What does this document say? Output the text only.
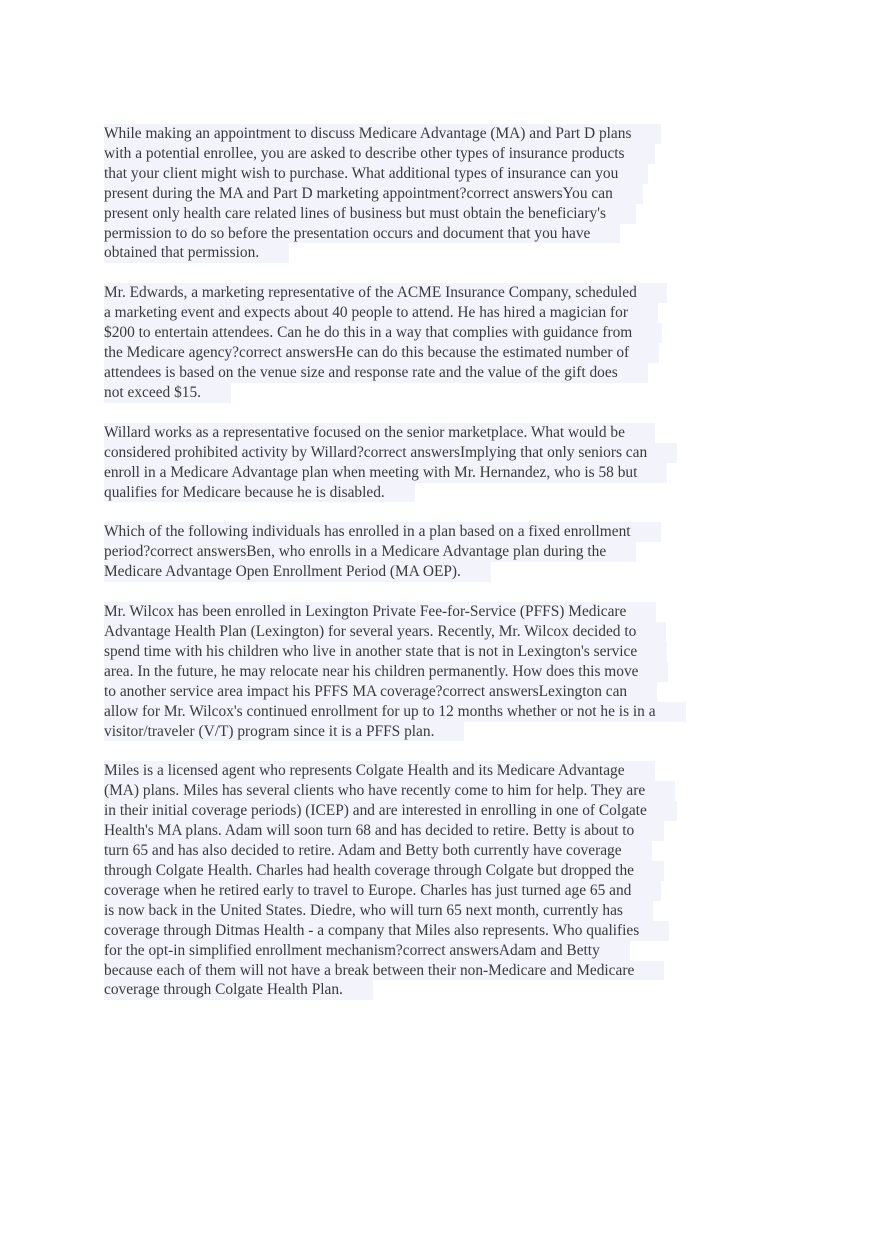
While making an appointment to discuss Medicare Advantage (MA) and Part D plans
with a potential enrollee, you are asked to describe other types of insurance products
that your client might wish to purchase. What additional types of insurance can you
present during the MA and Part D marketing appointment?correct answersYou can
present only health care related lines of business but must obtain the beneficiary's
permission to do so before the presentation occurs and document that you have
obtained that permission.
Mr. Edwards, a marketing representative of the ACME Insurance Company, scheduled
a marketing event and expects about 40 people to attend. He has hired a magician for
$200 to entertain attendees. Can he do this in a way that complies with guidance from
the Medicare agency?correct answersHe can do this because the estimated number of
attendees is based on the venue size and response rate and the value of the gift does
not exceed $15.
Willard works as a representative focused on the senior marketplace. What would be
considered prohibited activity by Willard?correct answersImplying that only seniors can
enroll in a Medicare Advantage plan when meeting with Mr. Hernandez, who is 58 but
qualifies for Medicare because he is disabled.
Which of the following individuals has enrolled in a plan based on a fixed enrollment
period?correct answersBen, who enrolls in a Medicare Advantage plan during the
Medicare Advantage Open Enrollment Period (MA OEP).
Mr. Wilcox has been enrolled in Lexington Private Fee-for-Service (PFFS) Medicare
Advantage Health Plan (Lexington) for several years. Recently, Mr. Wilcox decided to
spend time with his children who live in another state that is not in Lexington's service
area. In the future, he may relocate near his children permanently. How does this move
to another service area impact his PFFS MA coverage?correct answersLexington can
allow for Mr. Wilcox's continued enrollment for up to 12 months whether or not he is in a
visitor/traveler (V/T) program since it is a PFFS plan.
Miles is a licensed agent who represents Colgate Health and its Medicare Advantage
(MA) plans. Miles has several clients who have recently come to him for help. They are
in their initial coverage periods) (ICEP) and are interested in enrolling in one of Colgate
Health's MA plans. Adam will soon turn 68 and has decided to retire. Betty is about to
turn 65 and has also decided to retire. Adam and Betty both currently have coverage
through Colgate Health. Charles had health coverage through Colgate but dropped the
coverage when he retired early to travel to Europe. Charles has just turned age 65 and
is now back in the United States. Diedre, who will turn 65 next month, currently has
coverage through Ditmas Health - a company that Miles also represents. Who qualifies
for the opt-in simplified enrollment mechanism?correct answersAdam and Betty
because each of them will not have a break between their non-Medicare and Medicare
coverage through Colgate Health Plan.
